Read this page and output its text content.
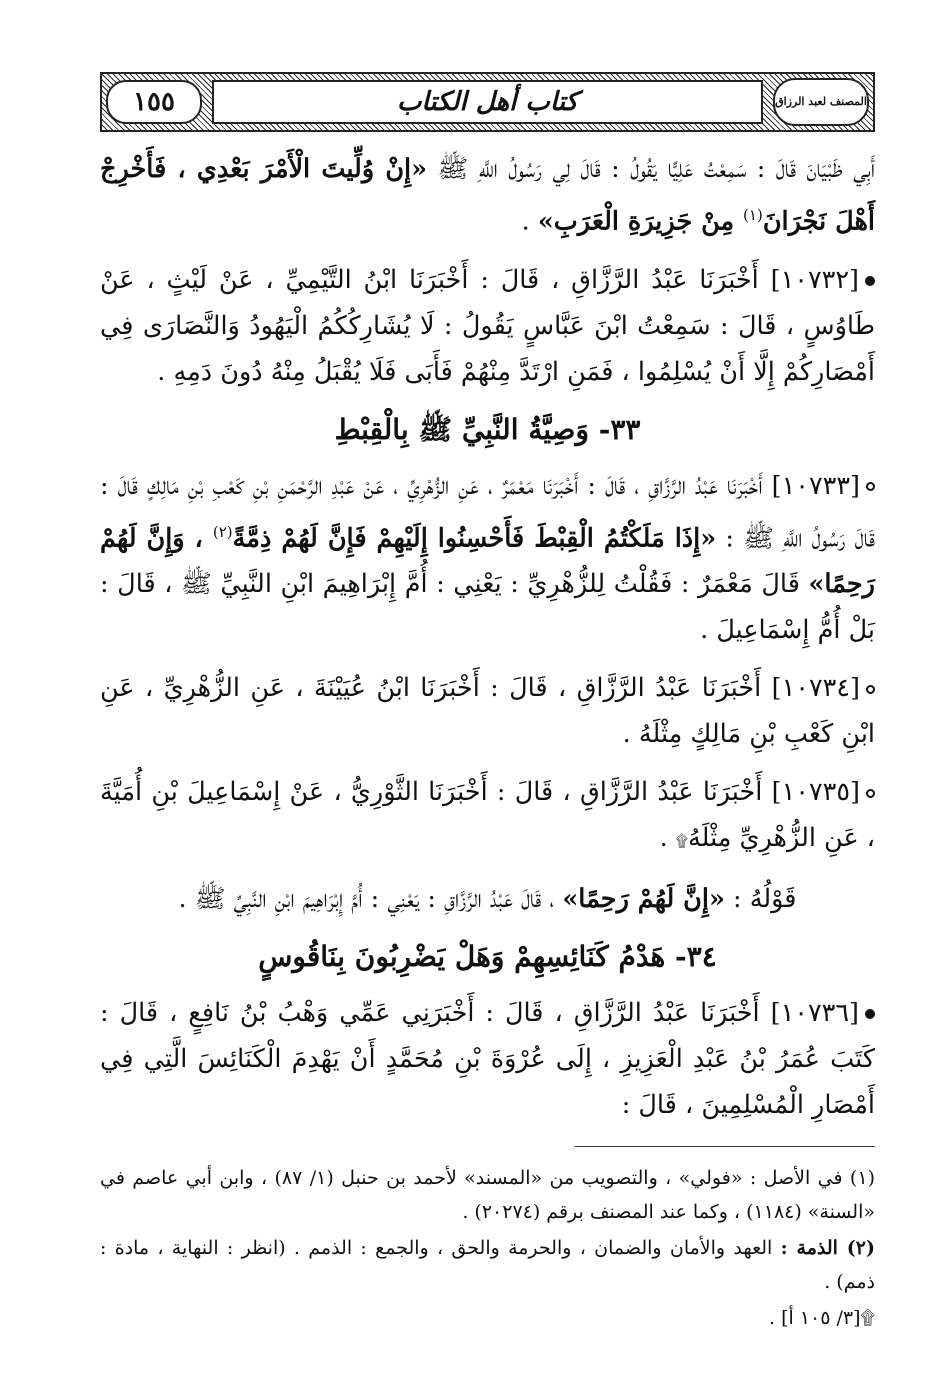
المصنف لعبد الرزاق
كتاب أهل الكتاب
١٥٥

أَبِي ظَبْيَانَ قَالَ : سَمِعْتُ عَلِيًّا يَقُولُ : قَالَ لِي رَسُولُ اللَّهِ ﷺ «إِنْ وُلِّيتَ الْأَمْرَ بَعْدِي ، فَأَخْرِجْ أَهْلَ نَجْرَانَ$^{(١)}$ مِنْ جَزِيرَةِ الْعَرَبِ» .

[١٠٧٣٢] أَخْبَرَنَا عَبْدُ الرَّزَّاقِ ، قَالَ : أَخْبَرَنَا ابْنُ التَّيْمِيِّ ، عَنْ لَيْثٍ ، عَنْ طَاوُسٍ ، قَالَ : سَمِعْتُ ابْنَ عَبَّاسٍ يَقُولُ : لَا يُشَارِكُكُمُ الْيَهُودُ وَالنَّصَارَى فِي أَمْصَارِكُمْ إِلَّا أَنْ يُسْلِمُوا ، فَمَنِ ارْتَدَّ مِنْهُمْ فَأَبَى فَلَا يُقْبَلُ مِنْهُ دُونَ دَمِهِ .

٣٣- وَصِيَّةُ النَّبِيِّ ﷺ بِالْقِبْطِ

[١٠٧٣٣] أَخْبَرَنَا عَبْدُ الرَّزَّاقِ ، قَالَ : أَخْبَرَنَا مَعْمَرٌ ، عَنِ الزُّهْرِيِّ ، عَنْ عَبْدِ الرَّحْمَنِ بْنِ كَعْبِ بْنِ مَالِكٍ قَالَ : قَالَ رَسُولُ اللَّهِ ﷺ : «إِذَا مَلَكْتُمُ الْقِبْطَ فَأَحْسِنُوا إِلَيْهِمْ فَإِنَّ لَهُمْ ذِمَّةً$^{(٢)}$ ، وَإِنَّ لَهُمْ رَحِمًا» قَالَ مَعْمَرٌ : فَقُلْتُ لِلزُّهْرِيِّ : يَعْنِي : أُمَّ إِبْرَاهِيمَ ابْنِ النَّبِيِّ ﷺ ، قَالَ : بَلْ أُمُّ إِسْمَاعِيلَ .

[١٠٧٣٤] أَخْبَرَنَا عَبْدُ الرَّزَّاقِ ، قَالَ : أَخْبَرَنَا ابْنُ عُيَيْنَةَ ، عَنِ الزُّهْرِيِّ ، عَنِ ابْنِ كَعْبِ بْنِ مَالِكٍ مِثْلَهُ .

[١٠٧٣٥] أَخْبَرَنَا عَبْدُ الرَّزَّاقِ ، قَالَ : أَخْبَرَنَا الثَّوْرِيُّ ، عَنْ إِسْمَاعِيلَ بْنِ أُمَيَّةَ ، عَنِ الزُّهْرِيِّ مِثْلَهُ۩ .

قَوْلُهُ : «إِنَّ لَهُمْ رَحِمًا» ، قَالَ عَبْدُ الرَّزَّاقِ : يَعْنِي : أُمَّ إِبْرَاهِيمَ ابْنِ النَّبِيِّ ﷺ .

٣٤- هَدْمُ كَنَائِسِهِمْ وَهَلْ يَضْرِبُونَ بِنَاقُوسٍ

[١٠٧٣٦] أَخْبَرَنَا عَبْدُ الرَّزَّاقِ ، قَالَ : أَخْبَرَنِي عَمِّي وَهْبُ بْنُ نَافِعٍ ، قَالَ : كَتَبَ عُمَرُ بْنُ عَبْدِ الْعَزِيزِ ، إِلَى عُرْوَةَ بْنِ مُحَمَّدٍ أَنْ يَهْدِمَ الْكَنَائِسَ الَّتِي فِي أَمْصَارِ الْمُسْلِمِينَ ، قَالَ :

(١) في الأصل : «فولي» ، والتصويب من «المسند» لأحمد بن حنبل (١/ ٨٧) ، وابن أبي عاصم في «السنة» (١١٨٤) ، وكما عند المصنف برقم (٢٠٢٧٤) .

(٢) الذمة : العهد والأمان والضمان ، والحرمة والحق ، والجمع : الذمم . (انظر : النهاية ، مادة : ذمم) .

۩[٣/ ١٠٥ أ] .
